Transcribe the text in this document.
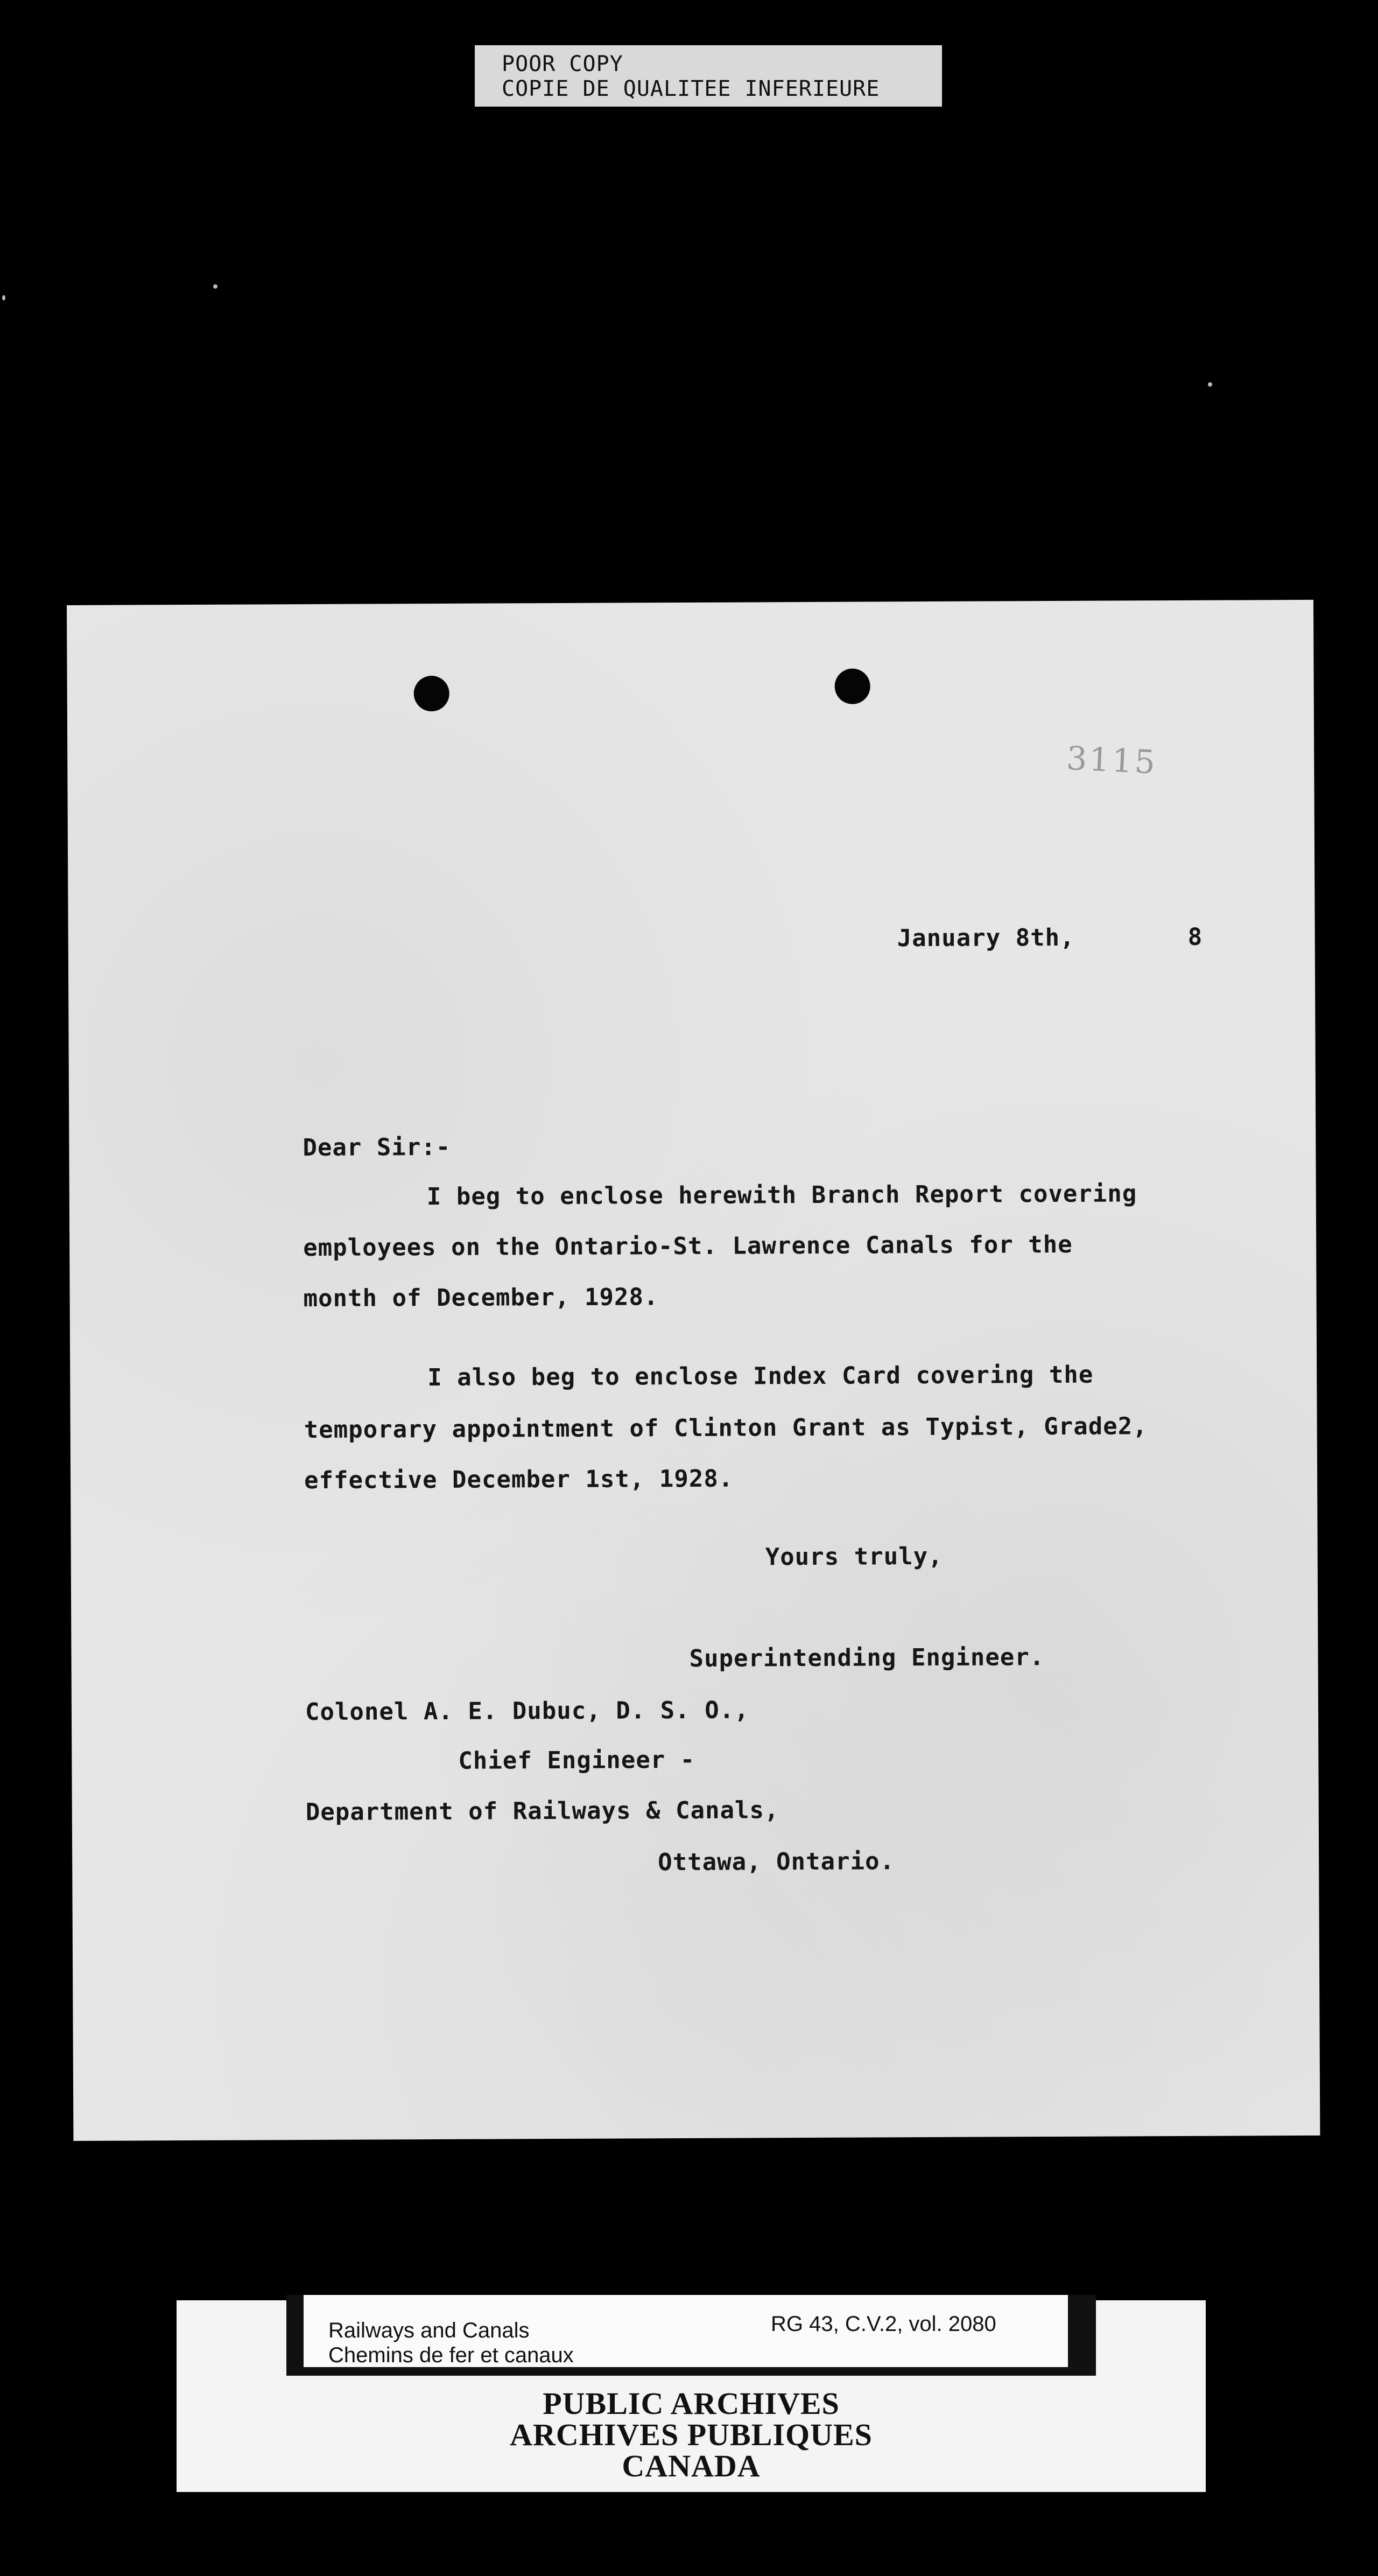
POOR COPY
COPIE DE QUALITEE INFERIEURE
3115
January 8th,	8
Dear Sir:-
I beg to enclose herewith Branch Report covering
employees on the Ontario-St. Lawrence Canals for the
month of December, 1928.
I also beg to enclose Index Card covering the
temporary appointment of Clinton Grant as Typist, Grade2,
effective December 1st, 1928.
Yours truly,
Superintending Engineer.
Colonel A. E. Dubuc, D. S. O.,
Chief Engineer -
Department of Railways & Canals,
Ottawa, Ontario.
Railways and Canals
Chemins de fer et canaux
RG 43, C.V.2, vol. 2080
PUBLIC ARCHIVES
ARCHIVES PUBLIQUES
CANADA
